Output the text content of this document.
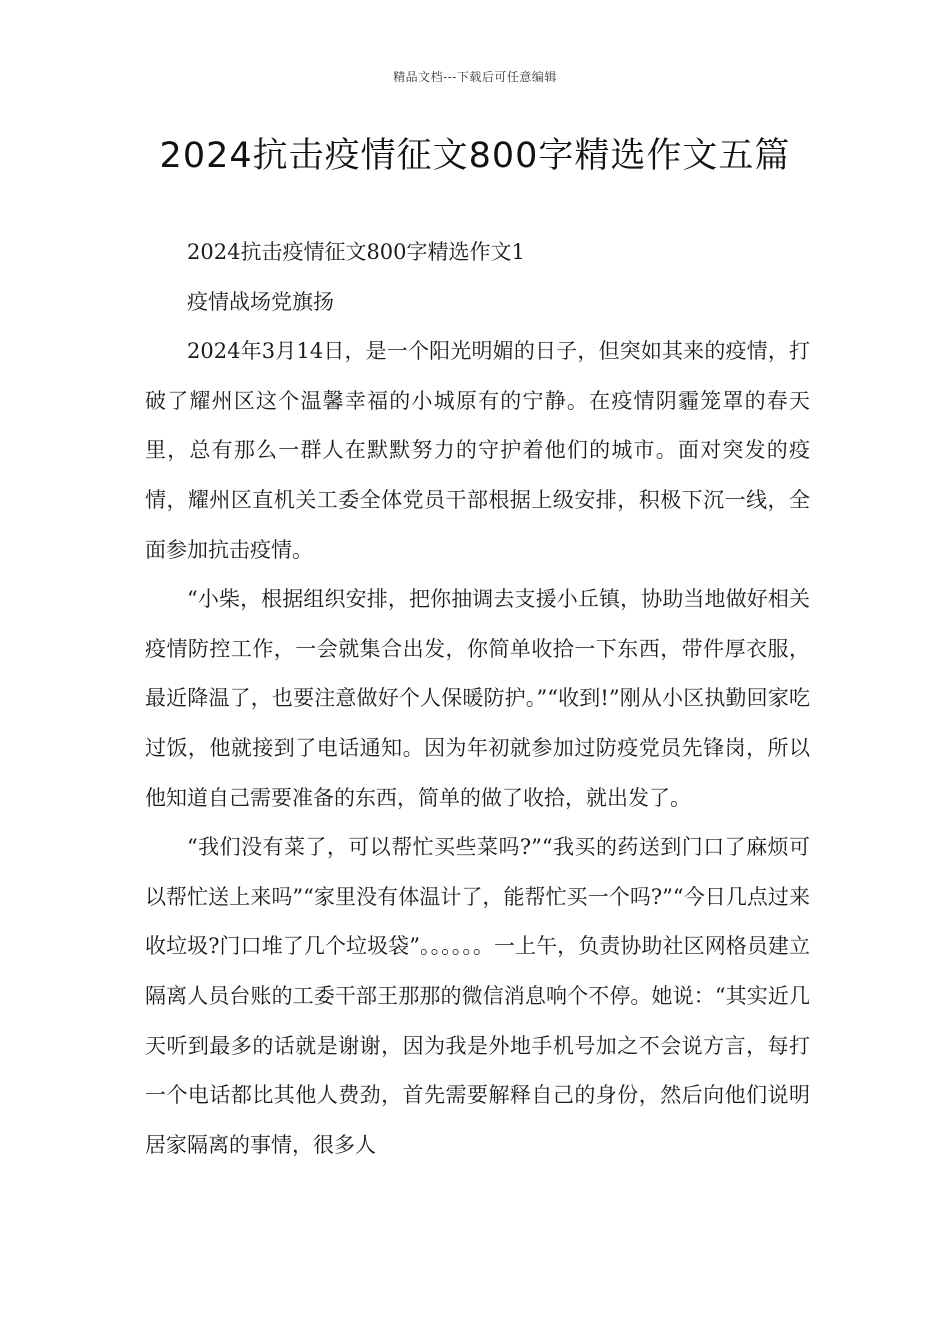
精品文档---下载后可任意编辑
2024抗击疫情征文800字精选作文五篇

2024抗击疫情征文800字精选作文1

疫情战场党旗扬

2024年3月14日，是一个阳光明媚的日子，但突如其来的疫情，打破了耀州区这个温馨幸福的小城原有的宁静。在疫情阴霾笼罩的春天里，总有那么一群人在默默努力的守护着他们的城市。面对突发的疫情，耀州区直机关工委全体党员干部根据上级安排，积极下沉一线，全面参加抗击疫情。

“小柴，根据组织安排，把你抽调去支援小丘镇，协助当地做好相关疫情防控工作，一会就集合出发，你简单收拾一下东西，带件厚衣服，最近降温了，也要注意做好个人保暖防护。”“收到!”刚从小区执勤回家吃过饭，他就接到了电话通知。因为年初就参加过防疫党员先锋岗，所以他知道自己需要准备的东西，简单的做了收拾，就出发了。

“我们没有菜了，可以帮忙买些菜吗?”“我买的药送到门口了麻烦可以帮忙送上来吗”“家里没有体温计了，能帮忙买一个吗?”“今日几点过来收垃圾?门口堆了几个垃圾袋”。。。。。。一上午，负责协助社区网格员建立隔离人员台账的工委干部王那那的微信消息响个不停。她说：“其实近几天听到最多的话就是谢谢，因为我是外地手机号加之不会说方言，每打一个电话都比其他人费劲，首先需要解释自己的身份，然后向他们说明居家隔离的事情，很多人
